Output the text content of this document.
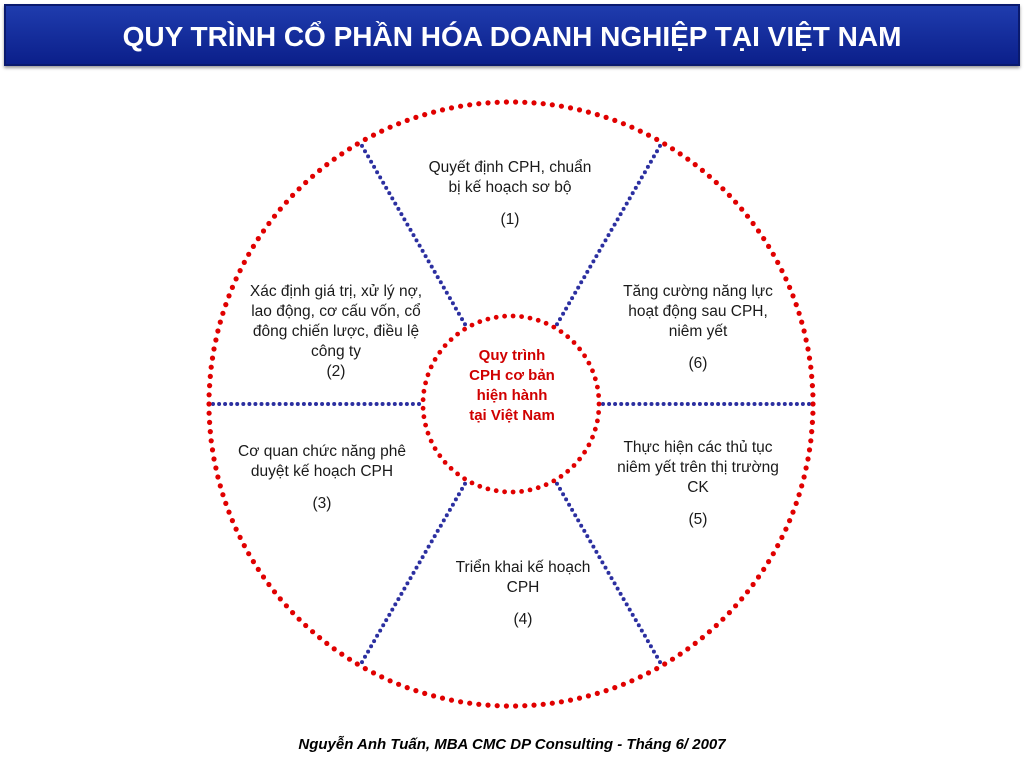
QUY TRÌNH CỔ PHẦN HÓA DOANH NGHIỆP TẠI VIỆT NAM
Quyết định CPH, chuẩn bị kế hoạch sơ bộ
(1)
Xác định giá trị, xử lý nợ, lao động, cơ cấu vốn, cổ đông chiến lược, điều lệ công ty
(2)
Cơ quan chức năng phê duyệt kế hoạch CPH
(3)
Triển khai kế hoạch CPH
(4)
Thực hiện các thủ tục niêm yết trên thị trường CK
(5)
Tăng cường năng lực hoạt động sau CPH, niêm yết
(6)
Quy trình CPH cơ bản hiện hành tại Việt Nam
Nguyễn Anh Tuấn, MBA CMC DP Consulting - Tháng 6/ 2007
